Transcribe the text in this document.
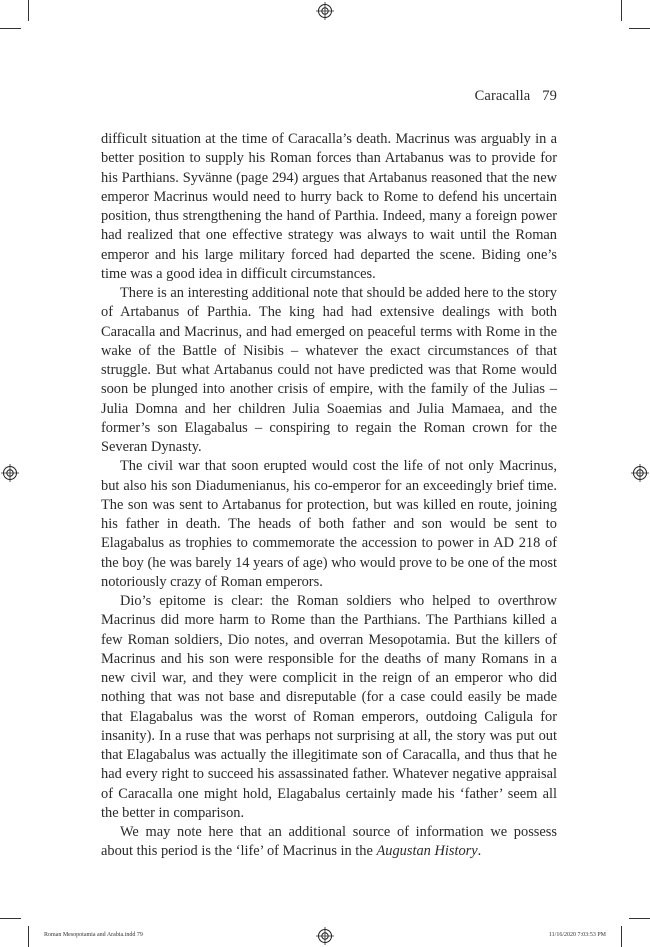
Caracalla 79

difficult situation at the time of Caracalla’s death. Macrinus was arguably in a better position to supply his Roman forces than Artabanus was to provide for his Parthians. Syvänne (page 294) argues that Artabanus reasoned that the new emperor Macrinus would need to hurry back to Rome to defend his uncertain position, thus strengthening the hand of Parthia. Indeed, many a foreign power had realized that one effective strategy was always to wait until the Roman emperor and his large military forced had departed the scene. Biding one’s time was a good idea in difficult circumstances.

There is an interesting additional note that should be added here to the story of Artabanus of Parthia. The king had had extensive dealings with both Caracalla and Macrinus, and had emerged on peaceful terms with Rome in the wake of the Battle of Nisibis – whatever the exact circumstances of that struggle. But what Artabanus could not have predicted was that Rome would soon be plunged into another crisis of empire, with the family of the Julias – Julia Domna and her children Julia Soaemias and Julia Mamaea, and the former’s son Elagabalus – conspiring to regain the Roman crown for the Severan Dynasty.

The civil war that soon erupted would cost the life of not only Macrinus, but also his son Diadumenianus, his co-emperor for an exceedingly brief time. The son was sent to Artabanus for protection, but was killed en route, joining his father in death. The heads of both father and son would be sent to Elagabalus as trophies to commemorate the accession to power in AD 218 of the boy (he was barely 14 years of age) who would prove to be one of the most notoriously crazy of Roman emperors.

Dio’s epitome is clear: the Roman soldiers who helped to overthrow Macrinus did more harm to Rome than the Parthians. The Parthians killed a few Roman soldiers, Dio notes, and overran Mesopotamia. But the killers of Macrinus and his son were responsible for the deaths of many Romans in a new civil war, and they were complicit in the reign of an emperor who did nothing that was not base and disreputable (for a case could easily be made that Elagabalus was the worst of Roman emperors, outdoing Caligula for insanity). In a ruse that was perhaps not surprising at all, the story was put out that Elagabalus was actually the illegitimate son of Caracalla, and thus that he had every right to succeed his assassinated father. Whatever negative appraisal of Caracalla one might hold, Elagabalus certainly made his ‘father’ seem all the better in comparison.

We may note here that an additional source of information we possess about this period is the ‘life’ of Macrinus in the Augustan History.

Roman Mesopotamia and Arabia.indd 79	11/16/2020 7:03:53 PM
